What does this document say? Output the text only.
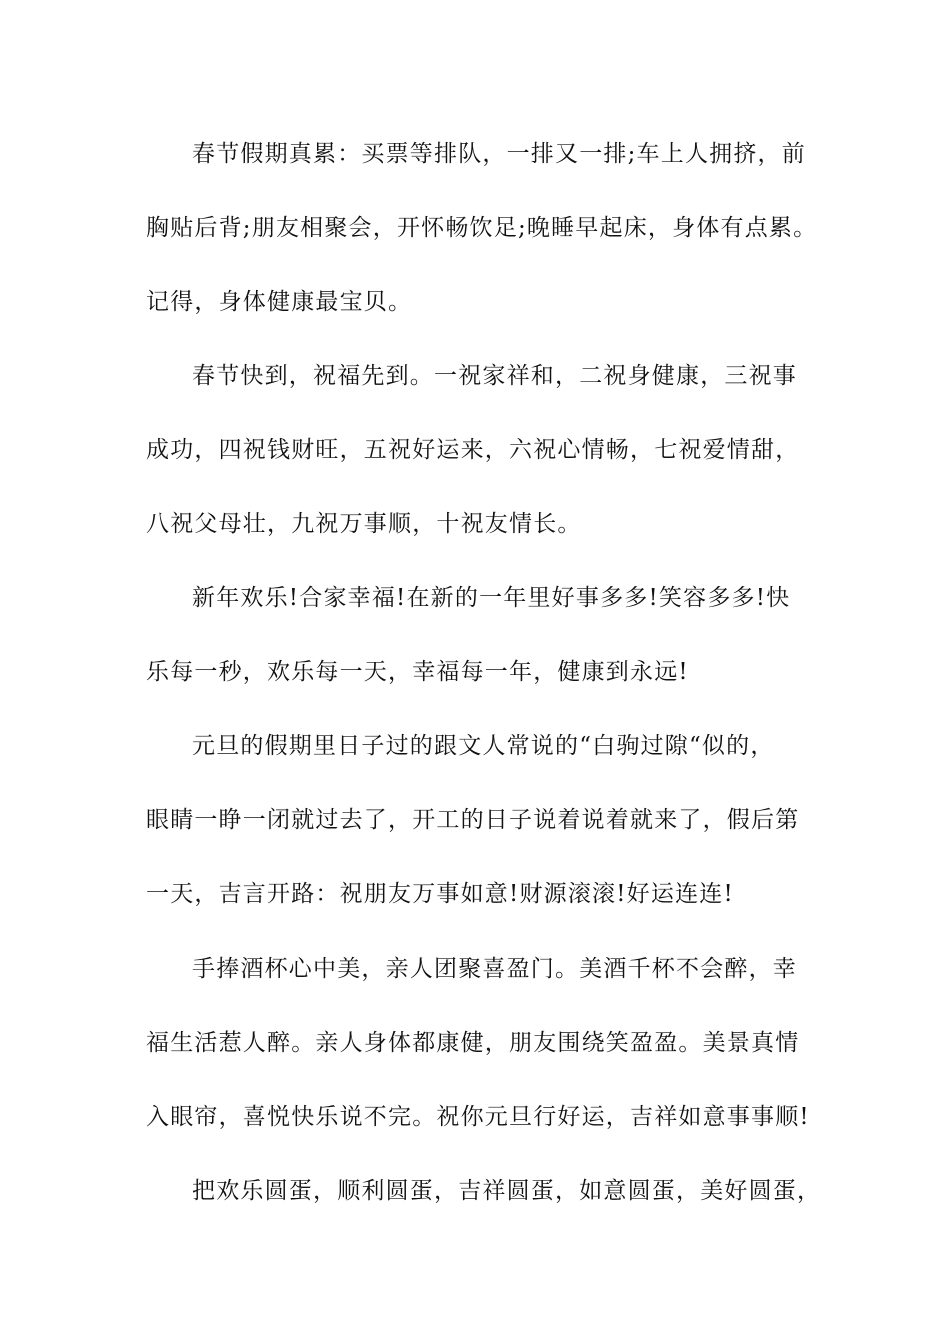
春节假期真累：买票等排队，一排又一排;车上人拥挤，前
胸贴后背;朋友相聚会，开怀畅饮足;晚睡早起床，身体有点累。
记得，身体健康最宝贝。
春节快到，祝福先到。一祝家祥和，二祝身健康，三祝事
成功，四祝钱财旺，五祝好运来，六祝心情畅，七祝爱情甜，
八祝父母壮，九祝万事顺，十祝友情长。
新年欢乐!合家幸福!在新的一年里好事多多!笑容多多!快
乐每一秒，欢乐每一天，幸福每一年，健康到永远!
元旦的假期里日子过的跟文人常说的“白驹过隙“似的，
眼睛一睁一闭就过去了，开工的日子说着说着就来了，假后第
一天，吉言开路：祝朋友万事如意!财源滚滚!好运连连!
手捧酒杯心中美，亲人团聚喜盈门。美酒千杯不会醉，幸
福生活惹人醉。亲人身体都康健，朋友围绕笑盈盈。美景真情
入眼帘，喜悦快乐说不完。祝你元旦行好运，吉祥如意事事顺!
把欢乐圆蛋，顺利圆蛋，吉祥圆蛋，如意圆蛋，美好圆蛋，
